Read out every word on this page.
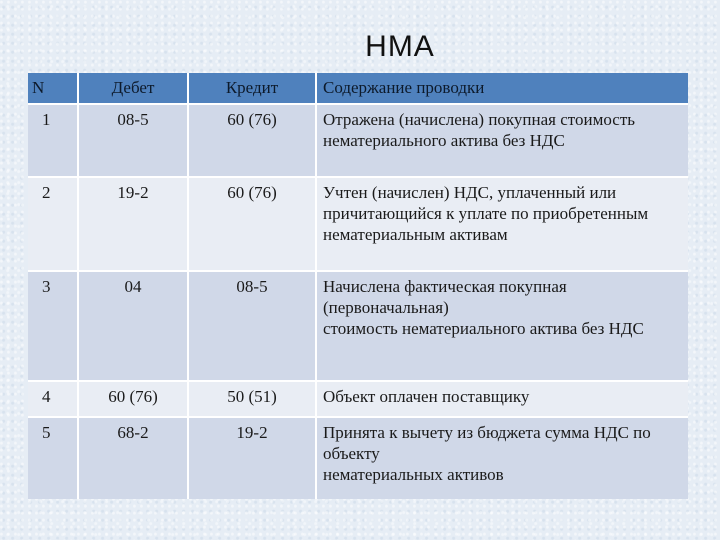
НМА
N	Дебет	Кредит	Содержание проводки
1	08-5	60 (76)	Отражена (начислена) покупная стоимость
нематериального актива без НДС

2	19-2	60 (76)	Учтен (начислен) НДС, уплаченный или
причитающийся к уплате по приобретенным
нематериальным активам

3	04	08-5	Начислена фактическая покупная
(первоначальная)
стоимость нематериального актива без НДС

4	60 (76)	50 (51)	Объект оплачен поставщику

5	68-2	19-2	Принята к вычету из бюджета сумма НДС по
объекту
нематериальных активов
